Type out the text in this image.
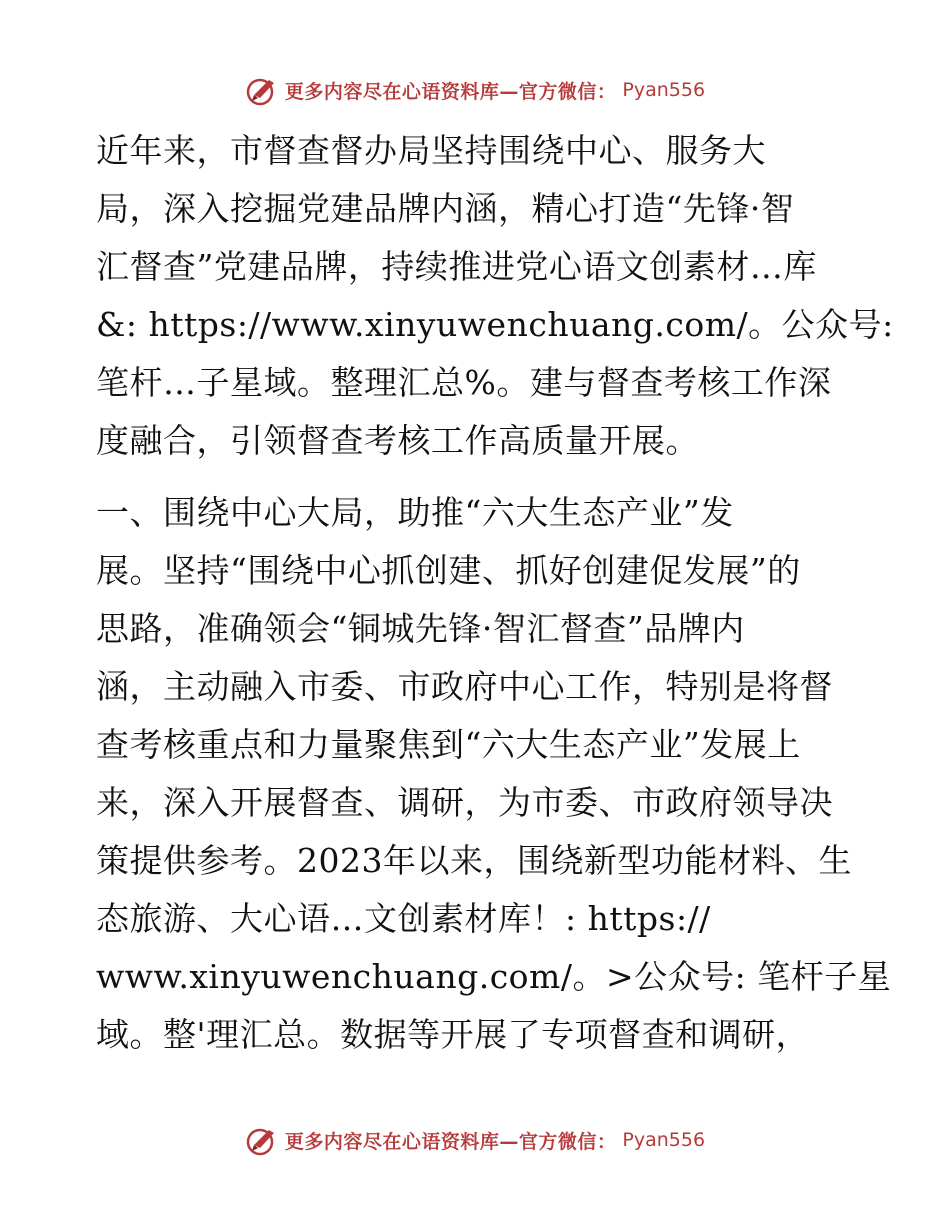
更多内容尽在心语资料库—官方微信： Pyan556
近年来，市督查督办局坚持围绕中心、服务大
局，深入挖掘党建品牌内涵，精心打造“先锋·智
汇督查”党建品牌，持续推进党心语文创素材…库
&: https://www.xinyuwenchuang.com/。公众号:
笔杆…子星域。整理汇总%。建与督查考核工作深
度融合，引领督查考核工作高质量开展。
一、围绕中心大局，助推“六大生态产业”发
展。坚持“围绕中心抓创建、抓好创建促发展”的
思路，准确领会“铜城先锋·智汇督查”品牌内
涵，主动融入市委、市政府中心工作，特别是将督
查考核重点和力量聚焦到“六大生态产业”发展上
来，深入开展督查、调研，为市委、市政府领导决
策提供参考。2023年以来，围绕新型功能材料、生
态旅游、大心语…文创素材库！: https://
www.xinyuwenchuang.com/。>公众号: 笔杆子星
域。整'理汇总。数据等开展了专项督查和调研，
更多内容尽在心语资料库—官方微信： Pyan556
